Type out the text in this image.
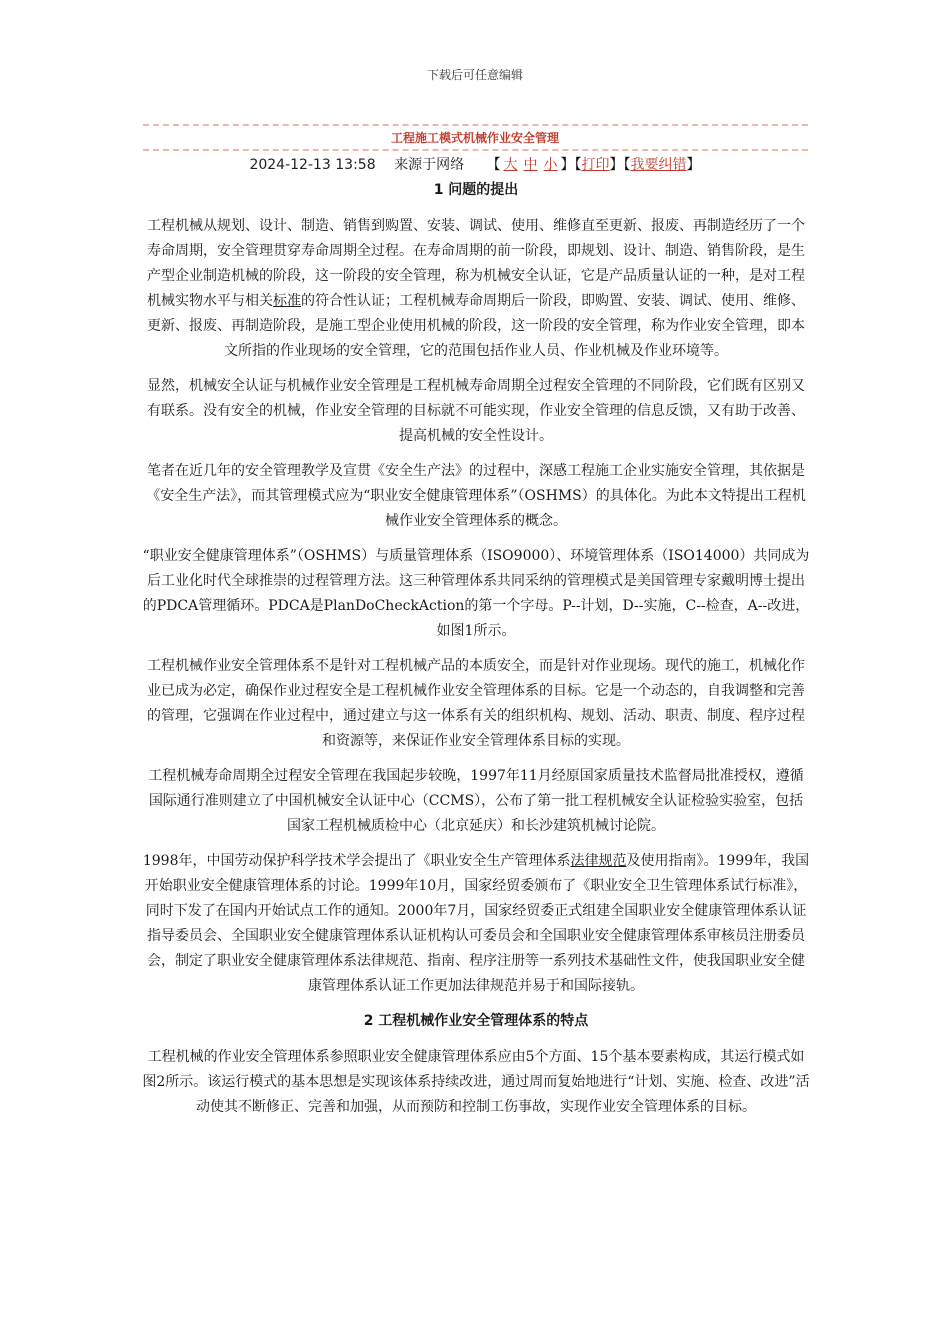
下载后可任意编辑
工程施工模式机械作业安全管理
2024-12-13 13:58 来源于网络 【 大 中 小 】【打印】【我要纠错】
1 问题的提出

工程机械从规划、设计、制造、销售到购置、安装、调试、使用、维修直至更新、报废、再制造经历了一个寿命周期，安全管理贯穿寿命周期全过程。在寿命周期的前一阶段，即规划、设计、制造、销售阶段，是生产型企业制造机械的阶段，这一阶段的安全管理，称为机械安全认证，它是产品质量认证的一种，是对工程机械实物水平与相关标准的符合性认证；工程机械寿命周期后一阶段，即购置、安装、调试、使用、维修、更新、报废、再制造阶段，是施工型企业使用机械的阶段，这一阶段的安全管理，称为作业安全管理，即本文所指的作业现场的安全管理，它的范围包括作业人员、作业机械及作业环境等。

显然，机械安全认证与机械作业安全管理是工程机械寿命周期全过程安全管理的不同阶段，它们既有区别又有联系。没有安全的机械，作业安全管理的目标就不可能实现，作业安全管理的信息反馈，又有助于改善、提高机械的安全性设计。

笔者在近几年的安全管理教学及宣贯《安全生产法》的过程中，深感工程施工企业实施安全管理，其依据是《安全生产法》，而其管理模式应为“职业安全健康管理体系”（OSHMS）的具体化。为此本文特提出工程机械作业安全管理体系的概念。

“职业安全健康管理体系”（OSHMS）与质量管理体系（ISO9000）、环境管理体系（ISO14000）共同成为后工业化时代全球推崇的过程管理方法。这三种管理体系共同采纳的管理模式是美国管理专家戴明博士提出的PDCA管理循环。PDCA是PlanDoCheckAction的第一个字母。P--计划，D--实施，C--检查，A--改进，如图1所示。

工程机械作业安全管理体系不是针对工程机械产品的本质安全，而是针对作业现场。现代的施工，机械化作业已成为必定，确保作业过程安全是工程机械作业安全管理体系的目标。它是一个动态的，自我调整和完善的管理，它强调在作业过程中，通过建立与这一体系有关的组织机构、规划、活动、职责、制度、程序过程和资源等，来保证作业安全管理体系目标的实现。

工程机械寿命周期全过程安全管理在我国起步较晚，1997年11月经原国家质量技术监督局批准授权，遵循国际通行准则建立了中国机械安全认证中心（CCMS），公布了第一批工程机械安全认证检验实验室，包括国家工程机械质检中心（北京延庆）和长沙建筑机械讨论院。

1998年，中国劳动保护科学技术学会提出了《职业安全生产管理体系法律规范及使用指南》。1999年，我国开始职业安全健康管理体系的讨论。1999年10月，国家经贸委颁布了《职业安全卫生管理体系试行标准》，同时下发了在国内开始试点工作的通知。2000年7月，国家经贸委正式组建全国职业安全健康管理体系认证指导委员会、全国职业安全健康管理体系认证机构认可委员会和全国职业安全健康管理体系审核员注册委员会，制定了职业安全健康管理体系法律规范、指南、程序注册等一系列技术基础性文件，使我国职业安全健康管理体系认证工作更加法律规范并易于和国际接轨。

2 工程机械作业安全管理体系的特点

工程机械的作业安全管理体系参照职业安全健康管理体系应由5个方面、15个基本要素构成，其运行模式如图2所示。该运行模式的基本思想是实现该体系持续改进，通过周而复始地进行“计划、实施、检查、改进”活动使其不断修正、完善和加强，从而预防和控制工伤事故，实现作业安全管理体系的目标。
